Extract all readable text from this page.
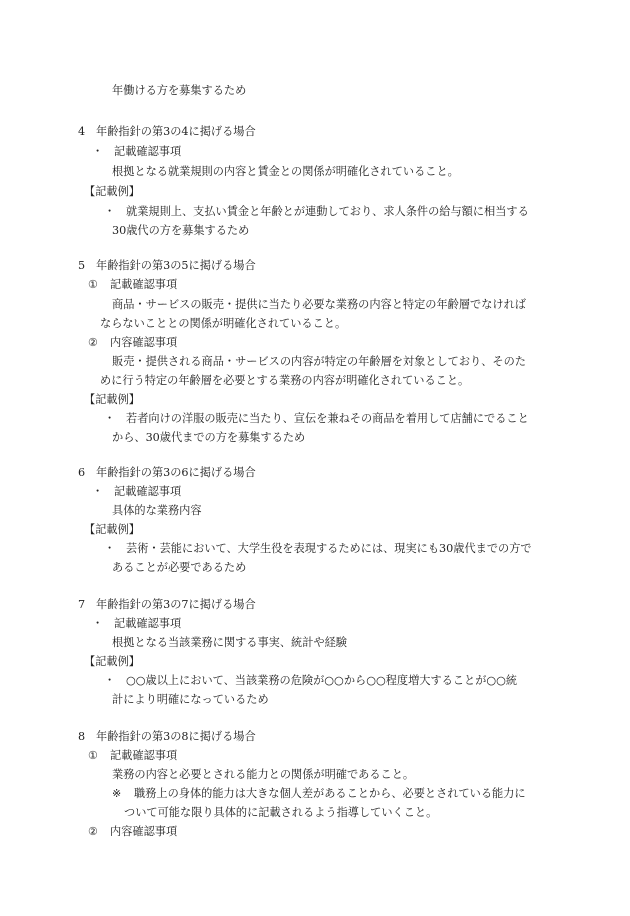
年働ける方を募集するため
4 年齢指針の第3の4に掲げる場合
・ 記載確認事項
根拠となる就業規則の内容と賃金との関係が明確化されていること。
【記載例】
・ 就業規則上、支払い賃金と年齢とが連動しており、求人条件の給与額に相当する
30歳代の方を募集するため
5 年齢指針の第3の5に掲げる場合
① 記載確認事項
商品・サービスの販売・提供に当たり必要な業務の内容と特定の年齢層でなければ
ならないこととの関係が明確化されていること。
② 内容確認事項
販売・提供される商品・サービスの内容が特定の年齢層を対象としており、そのた
めに行う特定の年齢層を必要とする業務の内容が明確化されていること。
【記載例】
・ 若者向けの洋服の販売に当たり、宣伝を兼ねその商品を着用して店舗にでること
から、30歳代までの方を募集するため
6 年齢指針の第3の6に掲げる場合
・ 記載確認事項
具体的な業務内容
【記載例】
・ 芸術・芸能において、大学生役を表現するためには、現実にも30歳代までの方で
あることが必要であるため
7 年齢指針の第3の7に掲げる場合
・ 記載確認事項
根拠となる当該業務に関する事実、統計や経験
【記載例】
・ ○○歳以上において、当該業務の危険が○○から○○程度増大することが○○統
計により明確になっているため
8 年齢指針の第3の8に掲げる場合
① 記載確認事項
業務の内容と必要とされる能力との関係が明確であること。
※ 職務上の身体的能力は大きな個人差があることから、必要とされている能力に
ついて可能な限り具体的に記載されるよう指導していくこと。
② 内容確認事項
